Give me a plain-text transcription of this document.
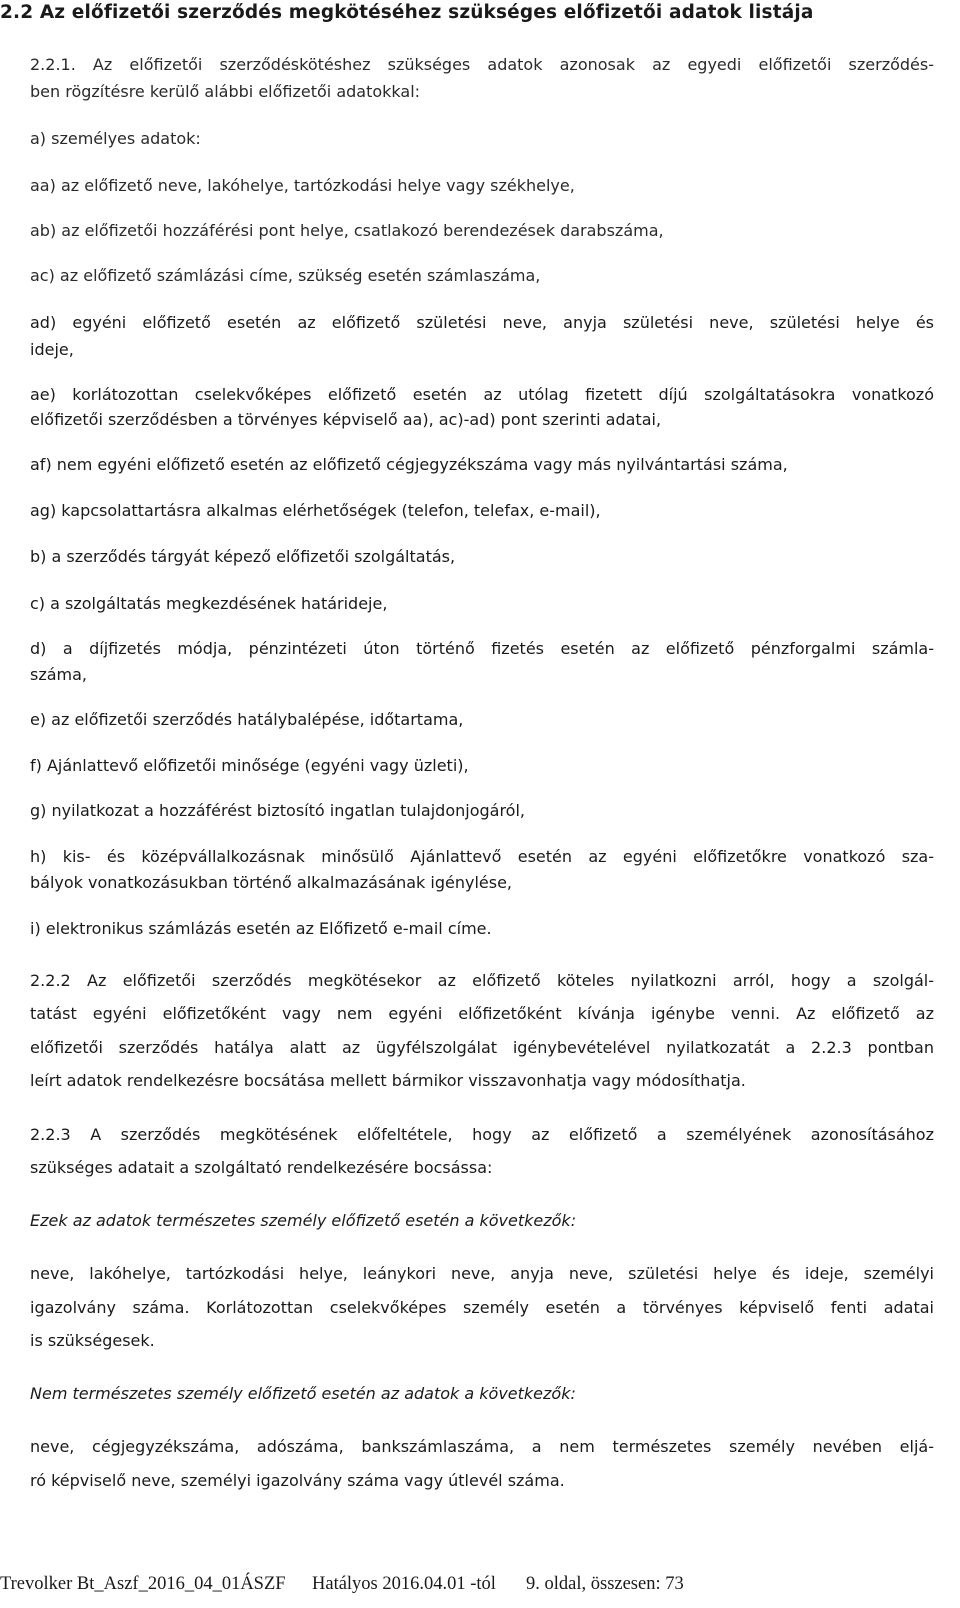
2.2 Az előfizetői szerződés megkötéséhez szükséges előfizetői adatok listája
2.2.1. Az előfizetői szerződéskötéshez szükséges adatok azonosak az egyedi előfizetői szerződés-
ben rögzítésre kerülő alábbi előfizetői adatokkal:
a) személyes adatok:
aa) az előfizető neve, lakóhelye, tartózkodási helye vagy székhelye,
ab) az előfizetői hozzáférési pont helye, csatlakozó berendezések darabszáma,
ac) az előfizető számlázási címe, szükség esetén számlaszáma,
ad) egyéni előfizető esetén az előfizető születési neve, anyja születési neve, születési helye és
ideje,
ae) korlátozottan cselekvőképes előfizető esetén az utólag fizetett díjú szolgáltatásokra vonatkozó
előfizetői szerződésben a törvényes képviselő aa), ac)-ad) pont szerinti adatai,
af) nem egyéni előfizető esetén az előfizető cégjegyzékszáma vagy más nyilvántartási száma,
ag) kapcsolattartásra alkalmas elérhetőségek (telefon, telefax, e-mail),
b) a szerződés tárgyát képező előfizetői szolgáltatás,
c) a szolgáltatás megkezdésének határideje,
d) a díjfizetés módja, pénzintézeti úton történő fizetés esetén az előfizető pénzforgalmi számla-
száma,
e) az előfizetői szerződés hatálybalépése, időtartama,
f) Ajánlattevő előfizetői minősége (egyéni vagy üzleti),
g) nyilatkozat a hozzáférést biztosító ingatlan tulajdonjogáról,
h) kis- és középvállalkozásnak minősülő Ajánlattevő esetén az egyéni előfizetőkre vonatkozó sza-
bályok vonatkozásukban történő alkalmazásának igénylése,
i) elektronikus számlázás esetén az Előfizető e-mail címe.
2.2.2 Az előfizetői szerződés megkötésekor az előfizető köteles nyilatkozni arról, hogy a szolgál-
tatást egyéni előfizetőként vagy nem egyéni előfizetőként kívánja igénybe venni. Az előfizető az
előfizetői szerződés hatálya alatt az ügyfélszolgálat igénybevételével nyilatkozatát a 2.2.3 pontban
leírt adatok rendelkezésre bocsátása mellett bármikor visszavonhatja vagy módosíthatja.
2.2.3 A szerződés megkötésének előfeltétele, hogy az előfizető a személyének azonosításához
szükséges adatait a szolgáltató rendelkezésére bocsássa:
Ezek az adatok természetes személy előfizető esetén a következők:
neve, lakóhelye, tartózkodási helye, leánykori neve, anyja neve, születési helye és ideje, személyi
igazolvány száma. Korlátozottan cselekvőképes személy esetén a törvényes képviselő fenti adatai
is szükségesek.
Nem természetes személy előfizető esetén az adatok a következők:
neve, cégjegyzékszáma, adószáma, bankszámlaszáma, a nem természetes személy nevében eljá-
ró képviselő neve, személyi igazolvány száma vagy útlevél száma.
Trevolker Bt_Aszf_2016_04_01ÁSZF Hatályos 2016.04.01 -tól 9. oldal, összesen: 73
